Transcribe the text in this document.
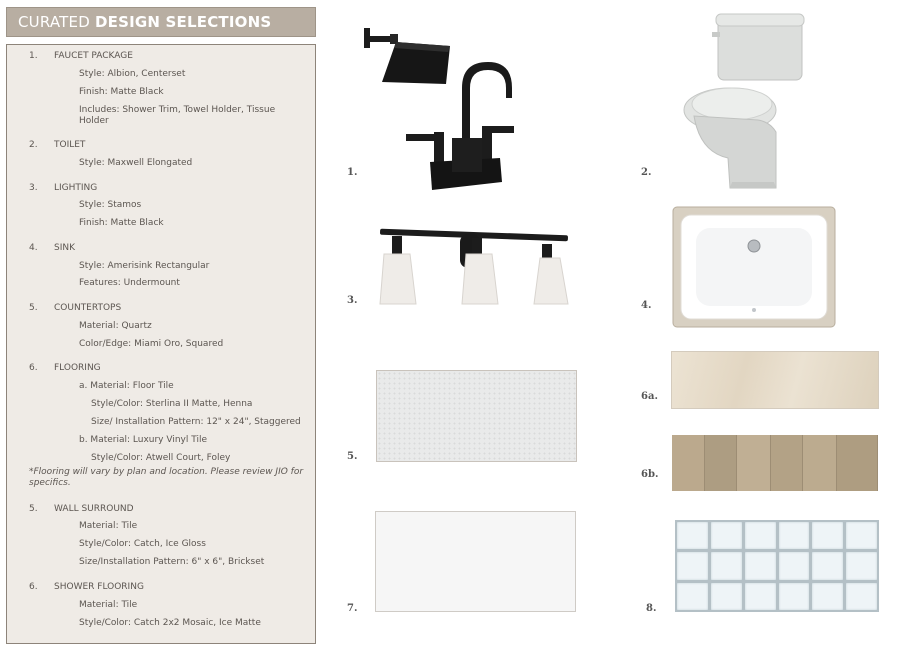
CURATED DESIGN SELECTIONS
1. FAUCET PACKAGE
Style: Albion, Centerset
Finish: Matte Black
Includes: Shower Trim, Towel Holder, Tissue Holder
2. TOILET
Style: Maxwell Elongated
3. LIGHTING
Style: Stamos
Finish: Matte Black
4. SINK
Style: Amerisink Rectangular
Features: Undermount
5. COUNTERTOPS
Material: Quartz
Color/Edge: Miami Oro, Squared
6. FLOORING
a. Material: Floor Tile
Style/Color: Sterlina II Matte, Henna
Size/ Installation Pattern: 12" x 24", Staggered
b. Material: Luxury Vinyl Tile
Style/Color: Atwell Court, Foley
*Flooring will vary by plan and location. Please review JIO for specifics.
5. WALL SURROUND
Material: Tile
Style/Color: Catch, Ice Gloss
Size/Installation Pattern: 6" x 6", Brickset
6. SHOWER FLOORING
Material: Tile
Style/Color: Catch 2x2 Mosaic, Ice Matte
1.	2.
3.	4.
5.
6a.
6b.
7.	8.
